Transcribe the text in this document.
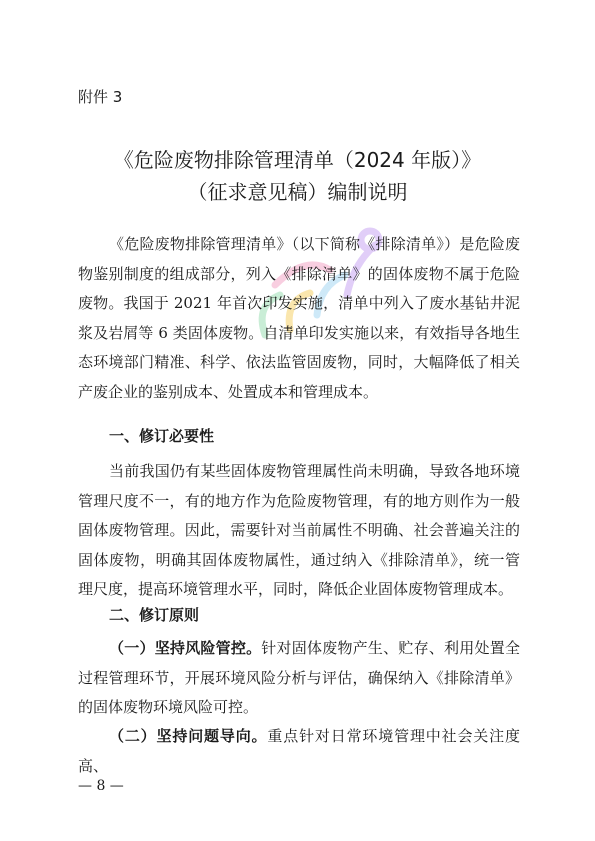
附件 3
《危险废物排除管理清单（2024 年版）》
（征求意见稿）编制说明

《危险废物排除管理清单》（以下简称《排除清单》）是危险废物鉴别制度的组成部分，列入《排除清单》的固体废物不属于危险废物。我国于 2021 年首次印发实施，清单中列入了废水基钻井泥浆及岩屑等 6 类固体废物。自清单印发实施以来，有效指导各地生态环境部门精准、科学、依法监管固废物，同时，大幅降低了相关产废企业的鉴别成本、处置成本和管理成本。

一、修订必要性

当前我国仍有某些固体废物管理属性尚未明确，导致各地环境管理尺度不一，有的地方作为危险废物管理，有的地方则作为一般固体废物管理。因此，需要针对当前属性不明确、社会普遍关注的固体废物，明确其固体废物属性，通过纳入《排除清单》，统一管理尺度，提高环境管理水平，同时，降低企业固体废物管理成本。

二、修订原则

（一）坚持风险管控。针对固体废物产生、贮存、利用处置全过程管理环节，开展环境风险分析与评估，确保纳入《排除清单》的固体废物环境风险可控。

（二）坚持问题导向。重点针对日常环境管理中社会关注度高、

— 8 —
